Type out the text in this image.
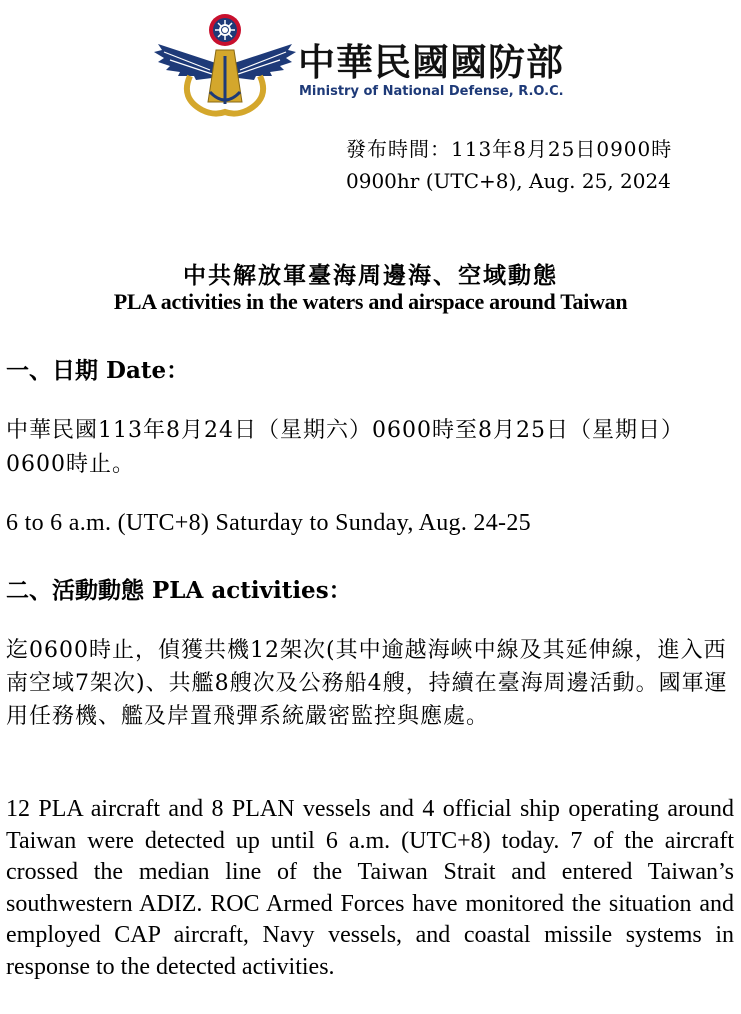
中華民國國防部
Ministry of National Defense, R.O.C.
發布時間：113年8月25日0900時
0900hr (UTC+8), Aug. 25, 2024
中共解放軍臺海周邊海、空域動態
PLA activities in the waters and airspace around Taiwan
一、日期 Date：
中華民國113年8月24日（星期六）0600時至8月25日（星期日）0600時止。
6 to 6 a.m. (UTC+8) Saturday to Sunday, Aug. 24-25
二、活動動態 PLA activities：
迄0600時止，偵獲共機12架次(其中逾越海峽中線及其延伸線，進入西南空域7架次)、共艦8艘次及公務船4艘，持續在臺海周邊活動。國軍運用任務機、艦及岸置飛彈系統嚴密監控與應處。
12 PLA aircraft and 8 PLAN vessels and 4 official ship operating around Taiwan were detected up until 6 a.m. (UTC+8) today. 7 of the aircraft crossed the median line of the Taiwan Strait and entered Taiwan’s southwestern ADIZ. ROC Armed Forces have monitored the situation and employed CAP aircraft, Navy vessels, and coastal missile systems in response to the detected activities.
